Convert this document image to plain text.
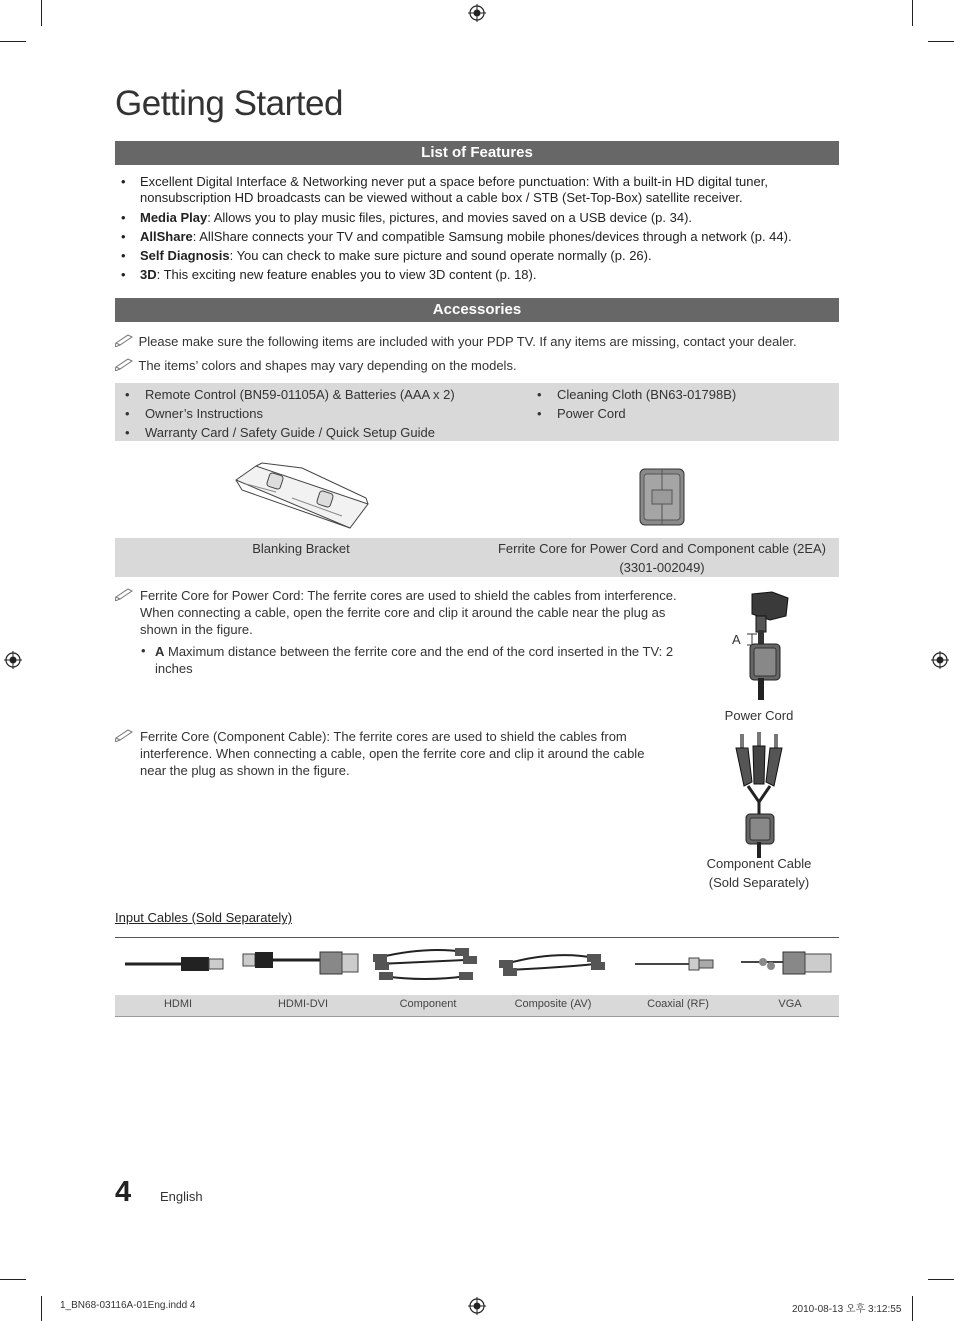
Getting Started
List of Features
• Excellent Digital Interface & Networking never put a space before punctuation: With a built-in HD digital tuner, nonsubscription HD broadcasts can be viewed without a cable box / STB (Set-Top-Box) satellite receiver.
• Media Play: Allows you to play music files, pictures, and movies saved on a USB device (p. 34).
• AllShare: AllShare connects your TV and compatible Samsung mobile phones/devices through a network (p. 44).
• Self Diagnosis: You can check to make sure picture and sound operate normally (p. 26).
• 3D: This exciting new feature enables you to view 3D content (p. 18).
Accessories
Please make sure the following items are included with your PDP TV. If any items are missing, contact your dealer.
The items’ colors and shapes may vary depending on the models.
• Remote Control (BN59-01105A) & Batteries (AAA x 2)
• Owner’s Instructions
• Warranty Card / Safety Guide / Quick Setup Guide
• Cleaning Cloth (BN63-01798B)
• Power Cord
Blanking Bracket	Ferrite Core for Power Cord and Component cable (2EA)
(3301-002049)
Ferrite Core for Power Cord: The ferrite cores are used to shield the cables from interference. When connecting a cable, open the ferrite core and clip it around the cable near the plug as shown in the figure.
• A Maximum distance between the ferrite core and the end of the cord inserted in the TV: 2 inches
Ferrite Core (Component Cable): The ferrite cores are used to shield the cables from interference. When connecting a cable, open the ferrite core and clip it around the cable near the plug as shown in the figure.
A
Power Cord
Component Cable
(Sold Separately)
Input Cables (Sold Separately)
HDMI	HDMI-DVI	Component	Composite (AV)	Coaxial (RF)	VGA
4 English
1_BN68-03116A-01Eng.indd 4	2010-08-13 오후 3:12:55
